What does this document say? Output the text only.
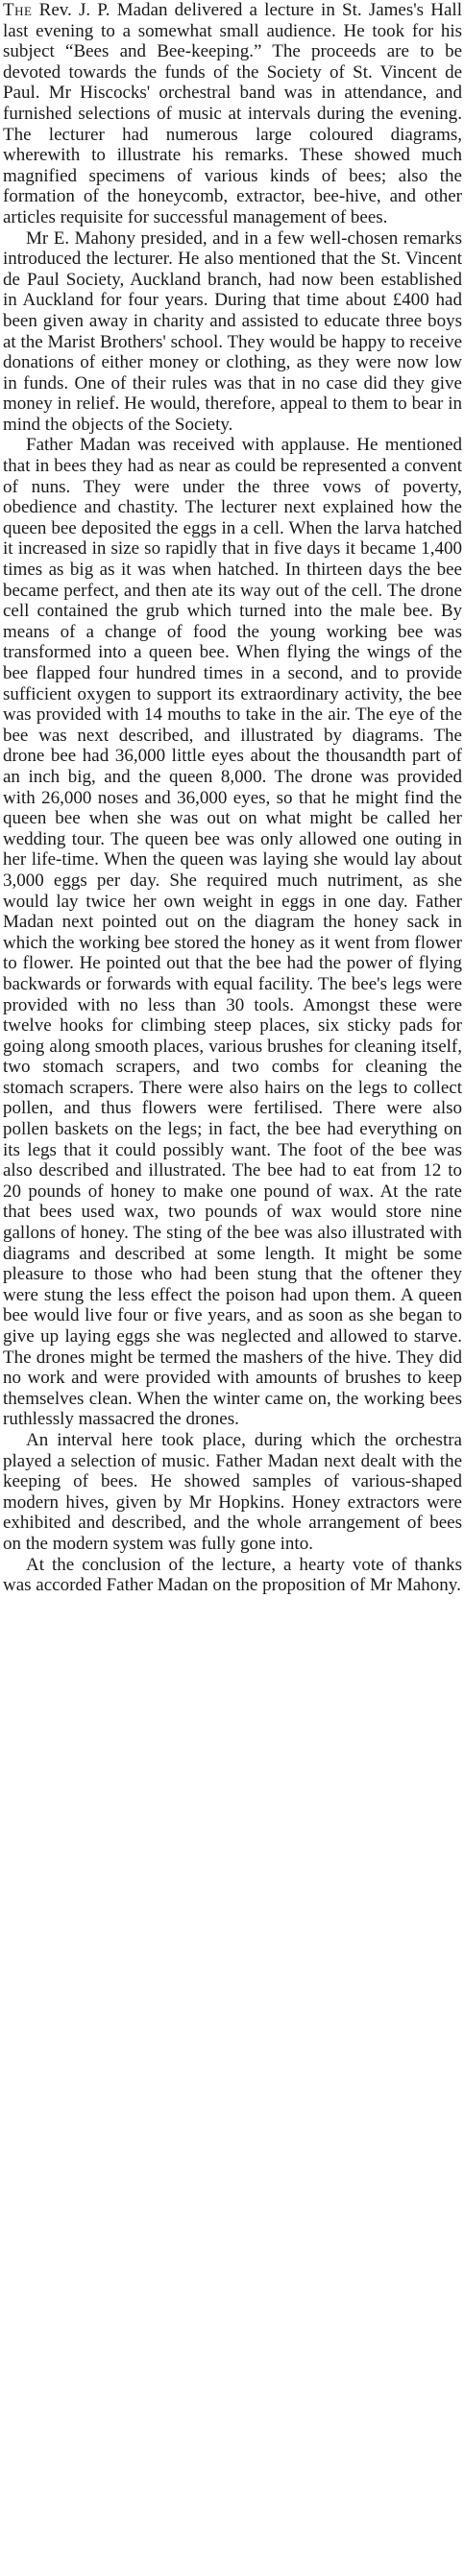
The Rev. J. P. Madan delivered a lecture in St. James's Hall last evening to a somewhat small audience. He took for his subject “Bees and Bee-keeping.” The proceeds are to be devoted towards the funds of the Society of St. Vincent de Paul. Mr Hiscocks' orchestral band was in attendance, and furnished selections of music at intervals during the evening. The lecturer had numerous large coloured diagrams, wherewith to illustrate his remarks. These showed much magnified specimens of various kinds of bees; also the formation of the honeycomb, extractor, bee-hive, and other articles requisite for successful management of bees.

Mr E. Mahony presided, and in a few well-chosen remarks introduced the lecturer. He also mentioned that the St. Vincent de Paul Society, Auckland branch, had now been established in Auckland for four years. During that time about £400 had been given away in charity and assisted to educate three boys at the Marist Brothers' school. They would be happy to receive donations of either money or clothing, as they were now low in funds. One of their rules was that in no case did they give money in relief. He would, therefore, appeal to them to bear in mind the objects of the Society.

Father Madan was received with applause. He mentioned that in bees they had as near as could be represented a convent of nuns. They were under the three vows of poverty, obedience and chastity. The lecturer next explained how the queen bee deposited the eggs in a cell. When the larva hatched it increased in size so rapidly that in five days it became 1,400 times as big as it was when hatched. In thirteen days the bee became perfect, and then ate its way out of the cell. The drone cell contained the grub which turned into the male bee. By means of a change of food the young working bee was transformed into a queen bee. When flying the wings of the bee flapped four hundred times in a second, and to provide sufficient oxygen to support its extraordinary activity, the bee was provided with 14 mouths to take in the air. The eye of the bee was next described, and illustrated by diagrams. The drone bee had 36,000 little eyes about the thousandth part of an inch big, and the queen 8,000. The drone was provided with 26,000 noses and 36,000 eyes, so that he might find the queen bee when she was out on what might be called her wedding tour. The queen bee was only allowed one outing in her life-time. When the queen was laying she would lay about 3,000 eggs per day. She required much nutriment, as she would lay twice her own weight in eggs in one day. Father Madan next pointed out on the diagram the honey sack in which the working bee stored the honey as it went from flower to flower. He pointed out that the bee had the power of flying backwards or forwards with equal facility. The bee's legs were provided with no less than 30 tools. Amongst these were twelve hooks for climbing steep places, six sticky pads for going along smooth places, various brushes for cleaning itself, two stomach scrapers, and two combs for cleaning the stomach scrapers. There were also hairs on the legs to collect pollen, and thus flowers were fertilised. There were also pollen baskets on the legs; in fact, the bee had everything on its legs that it could possibly want. The foot of the bee was also described and illustrated. The bee had to eat from 12 to 20 pounds of honey to make one pound of wax. At the rate that bees used wax, two pounds of wax would store nine gallons of honey. The sting of the bee was also illustrated with diagrams and described at some length. It might be some pleasure to those who had been stung that the oftener they were stung the less effect the poison had upon them. A queen bee would live four or five years, and as soon as she began to give up laying eggs she was neglected and allowed to starve. The drones might be termed the mashers of the hive. They did no work and were provided with amounts of brushes to keep themselves clean. When the winter came on, the working bees ruthlessly massacred the drones.

An interval here took place, during which the orchestra played a selection of music. Father Madan next dealt with the keeping of bees. He showed samples of various-shaped modern hives, given by Mr Hopkins. Honey extractors were exhibited and described, and the whole arrangement of bees on the modern system was fully gone into.

At the conclusion of the lecture, a hearty vote of thanks was accorded Father Madan on the proposition of Mr Mahony.
